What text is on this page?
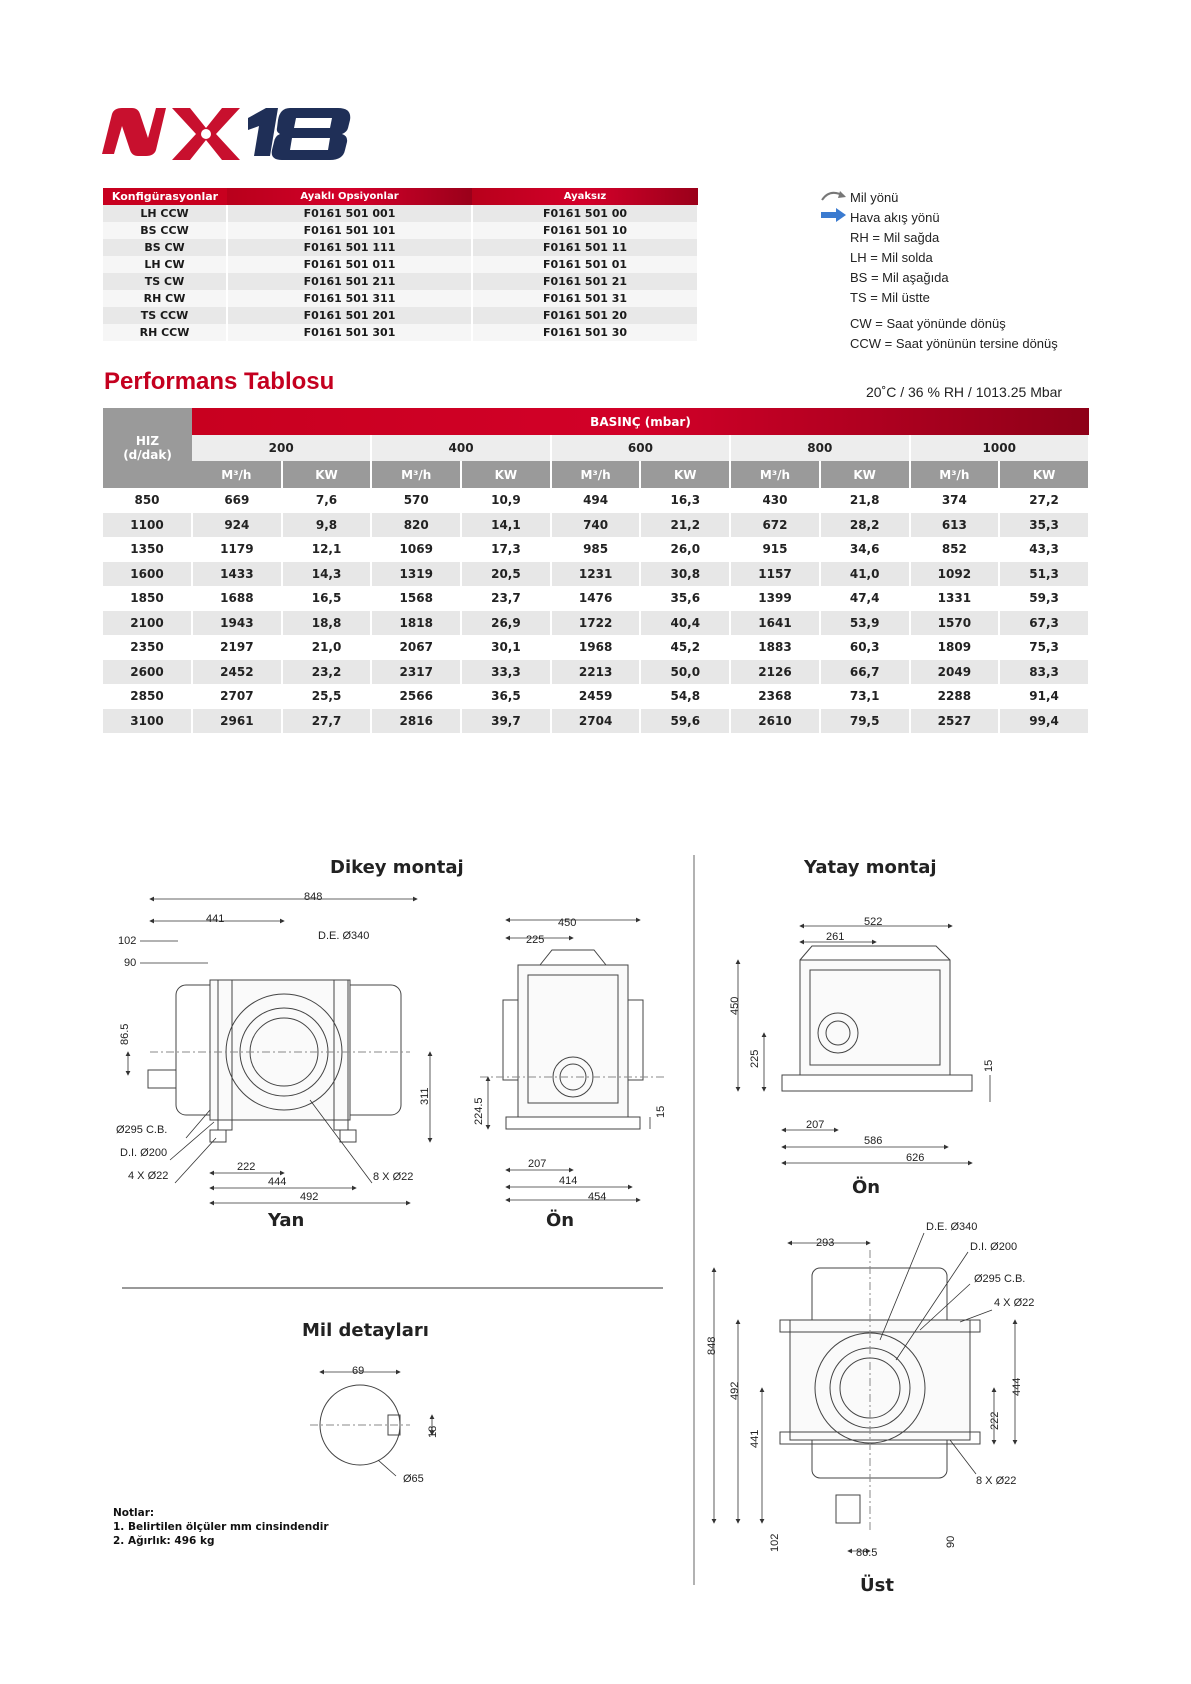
Konfigürasyonlar	Ayaklı Opsiyonlar	Ayaksız
LH CCW	F0161 501 001	F0161 501 00
BS CCW	F0161 501 101	F0161 501 10
BS CW	F0161 501 111	F0161 501 11
LH CW	F0161 501 011	F0161 501 01
TS CW	F0161 501 211	F0161 501 21
RH CW	F0161 501 311	F0161 501 31
TS CCW	F0161 501 201	F0161 501 20
RH CCW	F0161 501 301	F0161 501 30
Mil yönü
Hava akış yönü
RH = Mil sağda
LH = Mil solda
BS = Mil aşağıda
TS = Mil üstte
CW = Saat yönünde dönüş
CCW = Saat yönünün tersine dönüş
Performans Tablosu	20˚C / 36 % RH / 1013.25 Mbar
HIZ
(d/dak)	BASINÇ (mbar)									
	200		400		600		800		1000	
	M³/h	KW	M³/h	KW	M³/h	KW	M³/h	KW	M³/h	KW
850	669	7,6	570	10,9	494	16,3	430	21,8	374	27,2
1100	924	9,8	820	14,1	740	21,2	672	28,2	613	35,3
1350	1179	12,1	1069	17,3	985	26,0	915	34,6	852	43,3
1600	1433	14,3	1319	20,5	1231	30,8	1157	41,0	1092	51,3
1850	1688	16,5	1568	23,7	1476	35,6	1399	47,4	1331	59,3
2100	1943	18,8	1818	26,9	1722	40,4	1641	53,9	1570	67,3
2350	2197	21,0	2067	30,1	1968	45,2	1883	60,3	1809	75,3
2600	2452	23,2	2317	33,3	2213	50,0	2126	66,7	2049	83,3
2850	2707	25,5	2566	36,5	2459	54,8	2368	73,1	2288	91,4
3100	2961	27,7	2816	39,7	2704	59,6	2610	79,5	2527	99,4
Dikey montaj	Yatay montaj
848
441
102
90
D.E. Ø340
86.5
311
Ø295 C.B.
D.I. Ø200
4 X Ø22
222
444
492
8 X Ø22
Yan
450
225
224.5	15
207
414
454
Ön
522
261
450
225	15
207
586
626
Ön
293
D.E. Ø340
D.I. Ø200
Ø295 C.B.
4 X Ø22
848
492
441
444
222
8 X Ø22
102
86.5
90
Üst
Mil detayları
69
18
Ø65
Notlar:
1. Belirtilen ölçüler mm cinsindendir
2. Ağırlık: 496 kg
